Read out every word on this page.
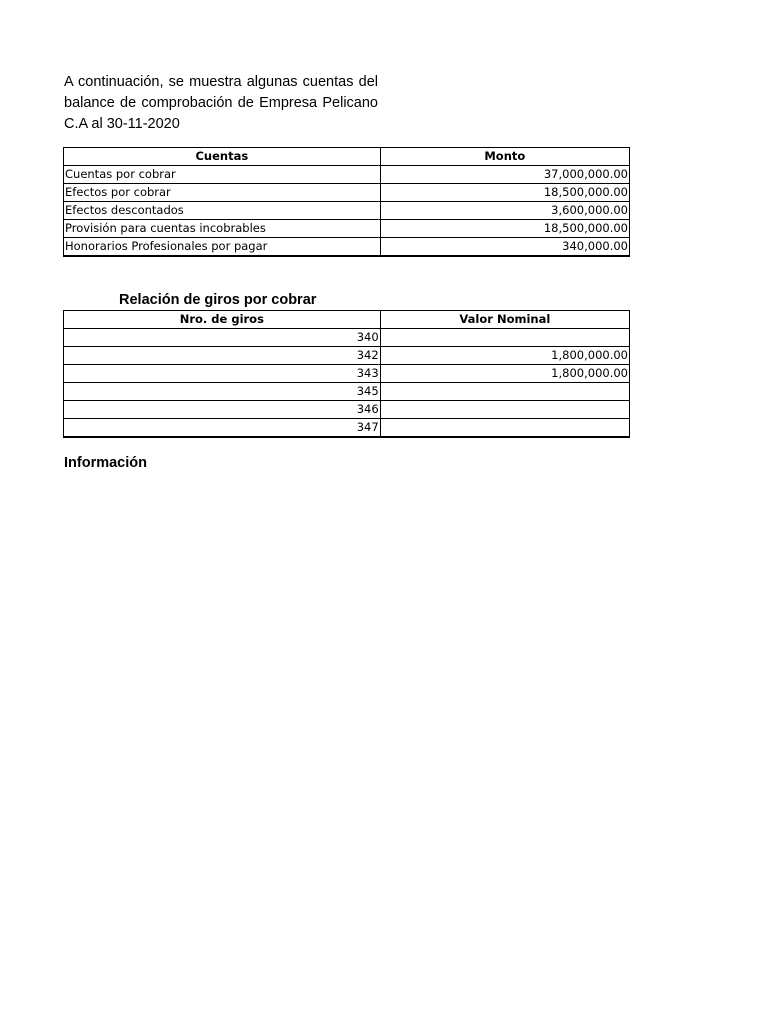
A continuación, se muestra algunas cuentas del balance de comprobación de Empresa Pelicano C.A al 30-11-2020

Cuentas	Monto
Cuentas por cobrar	37,000,000.00
Efectos por cobrar	18,500,000.00
Efectos descontados	3,600,000.00
Provisión para cuentas incobrables	18,500,000.00
Honorarios Profesionales por pagar	340,000.00

Relación de giros por cobrar

Nro. de giros	Valor Nominal
340	
342	1,800,000.00
343	1,800,000.00
345	
346	
347	

Información
